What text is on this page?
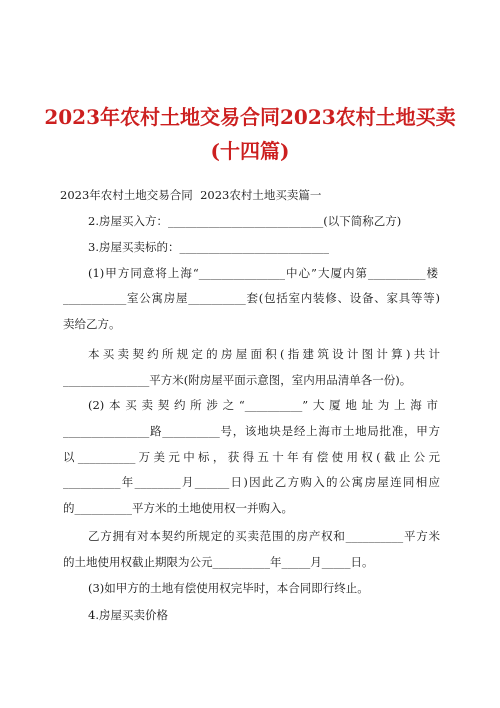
2023年农村土地交易合同2023农村土地买卖
(十四篇)
2023年农村土地交易合同  2023农村土地买卖篇一
2.房屋买入方：___________________________(以下简称乙方)
3.房屋买卖标的：__________________________
(1)甲方同意将上海“_______________中心”大厦内第__________楼
___________室公寓房屋__________套(包括室内装修、设备、家具等等)
卖给乙方。
本买卖契约所规定的房屋面积(指建筑设计图计算)共计
_______________平方米(附房屋平面示意图，室内用品清单各一份)。
(2)本买卖契约所涉之“__________”大厦地址为上海市
_______________路__________号，该地块是经上海市土地局批准，甲方
以__________万美元中标，获得五十年有偿使用权(截止公元
__________年________月______日)因此乙方购入的公寓房屋连同相应
的__________平方米的土地使用权一并购入。
乙方拥有对本契约所规定的买卖范围的房产权和__________平方米
的土地使用权截止期限为公元__________年_____月_____日。
(3)如甲方的土地有偿使用权完毕时，本合同即行终止。
4.房屋买卖价格
